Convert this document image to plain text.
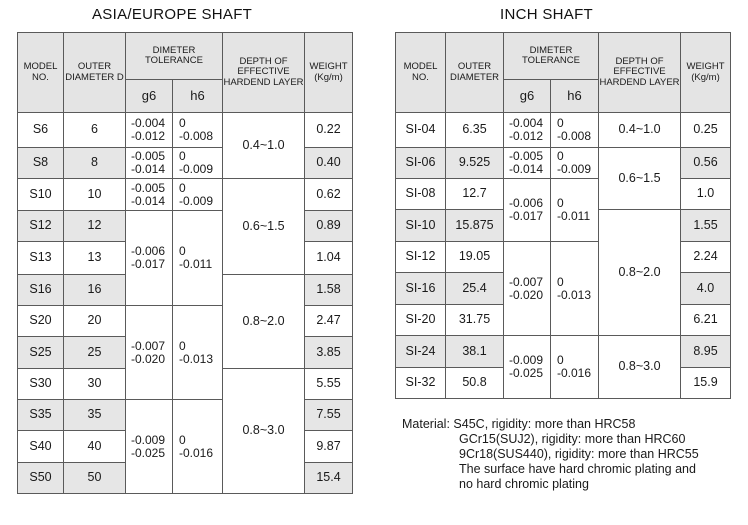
ASIA/EUROPE SHAFT
MODEL NO.	OUTER DIAMETER D	DIMETER TOLERANCE		DEPTH OF EFFECTIVE HARDEND LAYER	WEIGHT
(Kg/m)
		g6	h6		
S6	6	-0.004
-0.012	0
-0.008	0.4~1.0	0.22
S8	8	-0.005
-0.014	0
-0.009		0.40
S10	10	-0.005
-0.014	0
-0.009	0.6~1.5	0.62
S12	12	-0.006
-0.017	0
-0.011		0.89
S13	13				1.04
S16	16			0.8~2.0	1.58
S20	20	-0.007
-0.020	0
-0.013		2.47
S25	25				3.85
S30	30			0.8~3.0	5.55
S35	35	-0.009
-0.025	0
-0.016		7.55
S40	40				9.87
S50	50				15.4
INCH SHAFT
MODEL NO.	OUTER DIAMETER	DIMETER TOLERANCE		DEPTH OF EFFECTIVE HARDEND LAYER	WEIGHT
(Kg/m)
		g6	h6		
SI-04	6.35	-0.004
-0.012	0
-0.008	0.4~1.0	0.25
SI-06	9.525	-0.005
-0.014	0
-0.009	0.6~1.5	0.56
SI-08	12.7	-0.006
-0.017	0
-0.011		1.0
SI-10	15.875			0.8~2.0	1.55
SI-12	19.05	-0.007
-0.020	0
-0.013		2.24
SI-16	25.4				4.0
SI-20	31.75				6.21
SI-24	38.1	-0.009
-0.025	0
-0.016	0.8~3.0	8.95
SI-32	50.8				15.9
Material: S45C, rigidity: more than HRC58
GCr15(SUJ2), rigidity: more than HRC60
9Cr18(SUS440), rigidity: more than HRC55
The surface have hard chromic plating and
no hard chromic plating
